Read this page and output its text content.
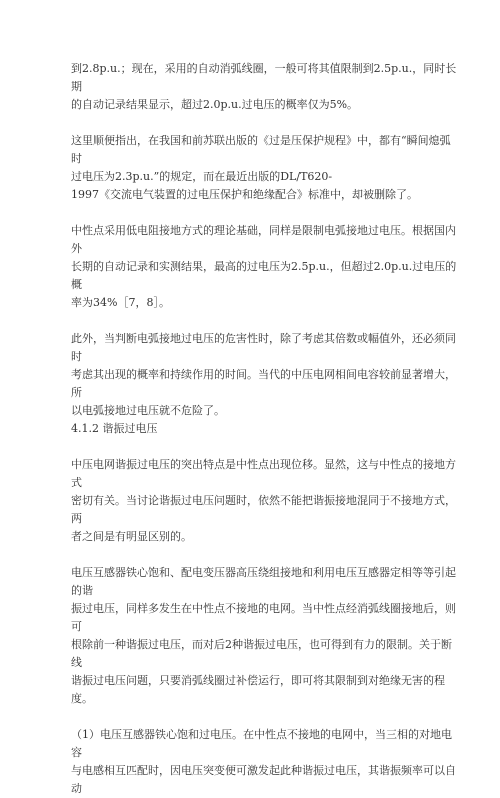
到2.8p.u.；现在，采用的自动消弧线圈，一般可将其值限制到2.5p.u.，同时长期
的自动记录结果显示，超过2.0p.u.过电压的概率仅为5%。

这里顺便指出，在我国和前苏联出版的《过是压保护规程》中，都有“瞬间熄弧时
过电压为2.3p.u.”的规定，而在最近出版的DL/T620-
1997《交流电气装置的过电压保护和绝缘配合》标准中，却被删除了。

中性点采用低电阻接地方式的理论基础，同样是限制电弧接地过电压。根据国内外
长期的自动记录和实测结果，最高的过电压为2.5p.u.，但超过2.0p.u.过电压的概
率为34%［7，8］。

此外，当判断电弧接地过电压的危害性时，除了考虑其倍数或幅值外，还必须同时
考虑其出现的概率和持续作用的时间。当代的中压电网相间电容较前显著增大，所
以电弧接地过电压就不危险了。

4.1.2 谐振过电压

中压电网谐振过电压的突出特点是中性点出现位移。显然，这与中性点的接地方式
密切有关。当讨论谐振过电压问题时，依然不能把谐振接地混同于不接地方式，两
者之间是有明显区别的。

电压互感器铁心饱和、配电变压器高压绕组接地和利用电压互感器定相等等引起的谐
振过电压，同样多发生在中性点不接地的电网。当中性点经消弧线圈接地后，则可
根除前一种谐振过电压，而对后2种谐振过电压，也可得到有力的限制。关于断线
谐振过电压问题，只要消弧线圈过补偿运行，即可将其限制到对绝缘无害的程度。

（1）电压互感器铁心饱和过电压。在中性点不接地的电网中，当三相的对地电容
与电感相互匹配时，因电压突变便可激发起此种谐振过电压，其谐振频率可以自动
